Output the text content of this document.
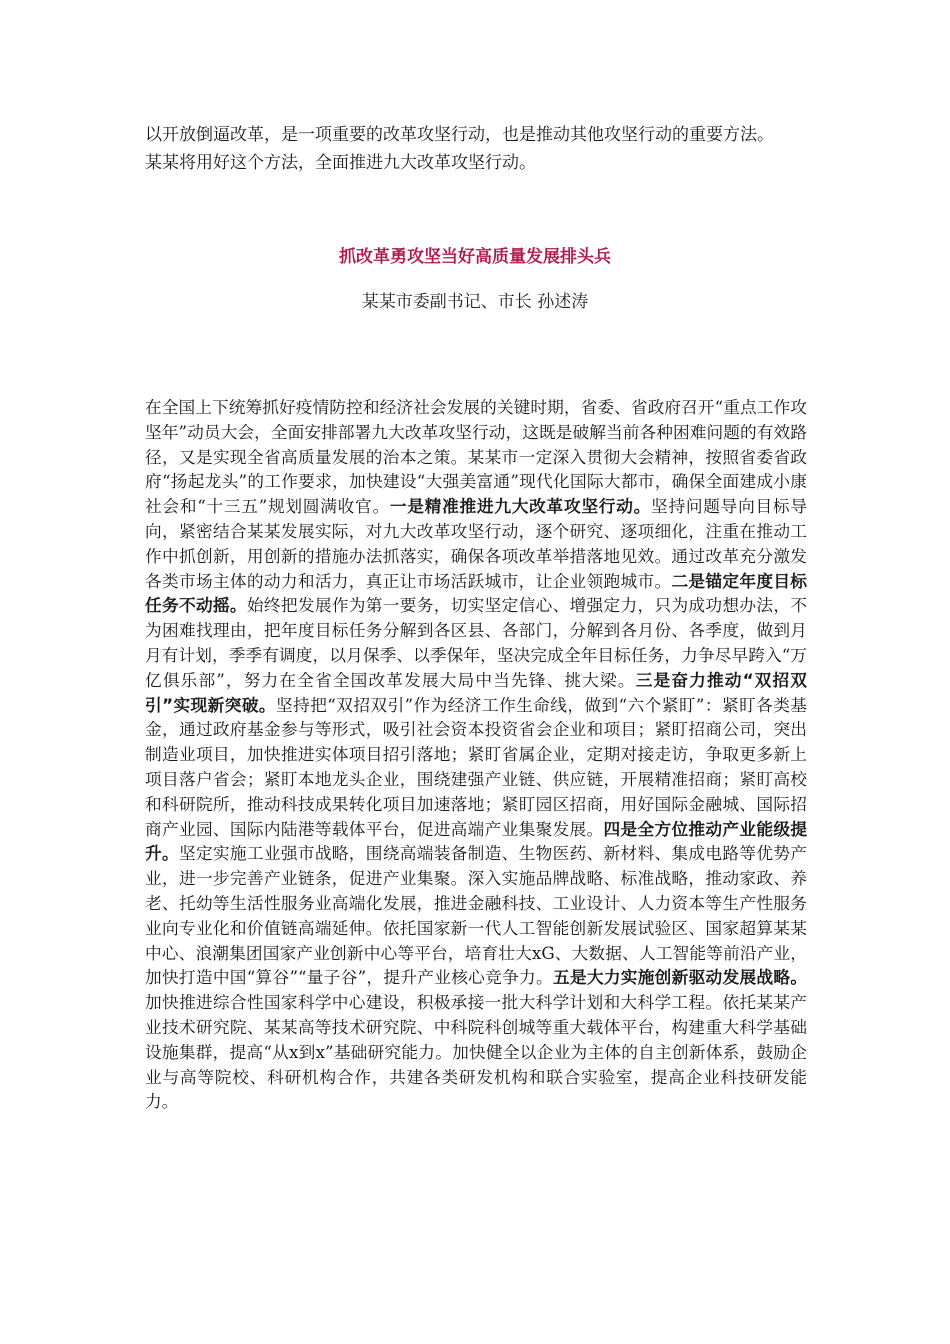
以开放倒逼改革，是一项重要的改革攻坚行动，也是推动其他攻坚行动的重要方法。

某某将用好这个方法，全面推进九大改革攻坚行动。

抓改革勇攻坚当好高质量发展排头兵
某某市委副书记、市长 孙述涛

在全国上下统筹抓好疫情防控和经济社会发展的关键时期，省委、省政府召开“重点工作攻坚年”动员大会，全面安排部署九大改革攻坚行动，这既是破解当前各种困难问题的有效路径，又是实现全省高质量发展的治本之策。某某市一定深入贯彻大会精神，按照省委省政府“扬起龙头”的工作要求，加快建设“大强美富通”现代化国际大都市，确保全面建成小康社会和“十三五”规划圆满收官。一是精准推进九大改革攻坚行动。坚持问题导向目标导向，紧密结合某某发展实际，对九大改革攻坚行动，逐个研究、逐项细化，注重在推动工作中抓创新，用创新的措施办法抓落实，确保各项改革举措落地见效。通过改革充分激发各类市场主体的动力和活力，真正让市场活跃城市，让企业领跑城市。二是锚定年度目标任务不动摇。始终把发展作为第一要务，切实坚定信心、增强定力，只为成功想办法，不为困难找理由，把年度目标任务分解到各区县、各部门，分解到各月份、各季度，做到月月有计划，季季有调度，以月保季、以季保年，坚决完成全年目标任务，力争尽早跨入“万亿俱乐部”，努力在全省全国改革发展大局中当先锋、挑大梁。三是奋力推动“双招双引”实现新突破。坚持把“双招双引”作为经济工作生命线，做到“六个紧盯”：紧盯各类基金，通过政府基金参与等形式，吸引社会资本投资省会企业和项目；紧盯招商公司，突出制造业项目，加快推进实体项目招引落地；紧盯省属企业，定期对接走访，争取更多新上项目落户省会；紧盯本地龙头企业，围绕建强产业链、供应链，开展精准招商；紧盯高校和科研院所，推动科技成果转化项目加速落地；紧盯园区招商，用好国际金融城、国际招商产业园、国际内陆港等载体平台，促进高端产业集聚发展。四是全方位推动产业能级提升。坚定实施工业强市战略，围绕高端装备制造、生物医药、新材料、集成电路等优势产业，进一步完善产业链条，促进产业集聚。深入实施品牌战略、标准战略，推动家政、养老、托幼等生活性服务业高端化发展，推进金融科技、工业设计、人力资本等生产性服务业向专业化和价值链高端延伸。依托国家新一代人工智能创新发展试验区、国家超算某某中心、浪潮集团国家产业创新中心等平台，培育壮大xG、大数据、人工智能等前沿产业，加快打造中国“算谷”“量子谷”，提升产业核心竞争力。五是大力实施创新驱动发展战略。加快推进综合性国家科学中心建设，积极承接一批大科学计划和大科学工程。依托某某产业技术研究院、某某高等技术研究院、中科院科创城等重大载体平台，构建重大科学基础设施集群，提高“从x到x”基础研究能力。加快健全以企业为主体的自主创新体系，鼓励企业与高等院校、科研机构合作，共建各类研发机构和联合实验室，提高企业科技研发能力。
